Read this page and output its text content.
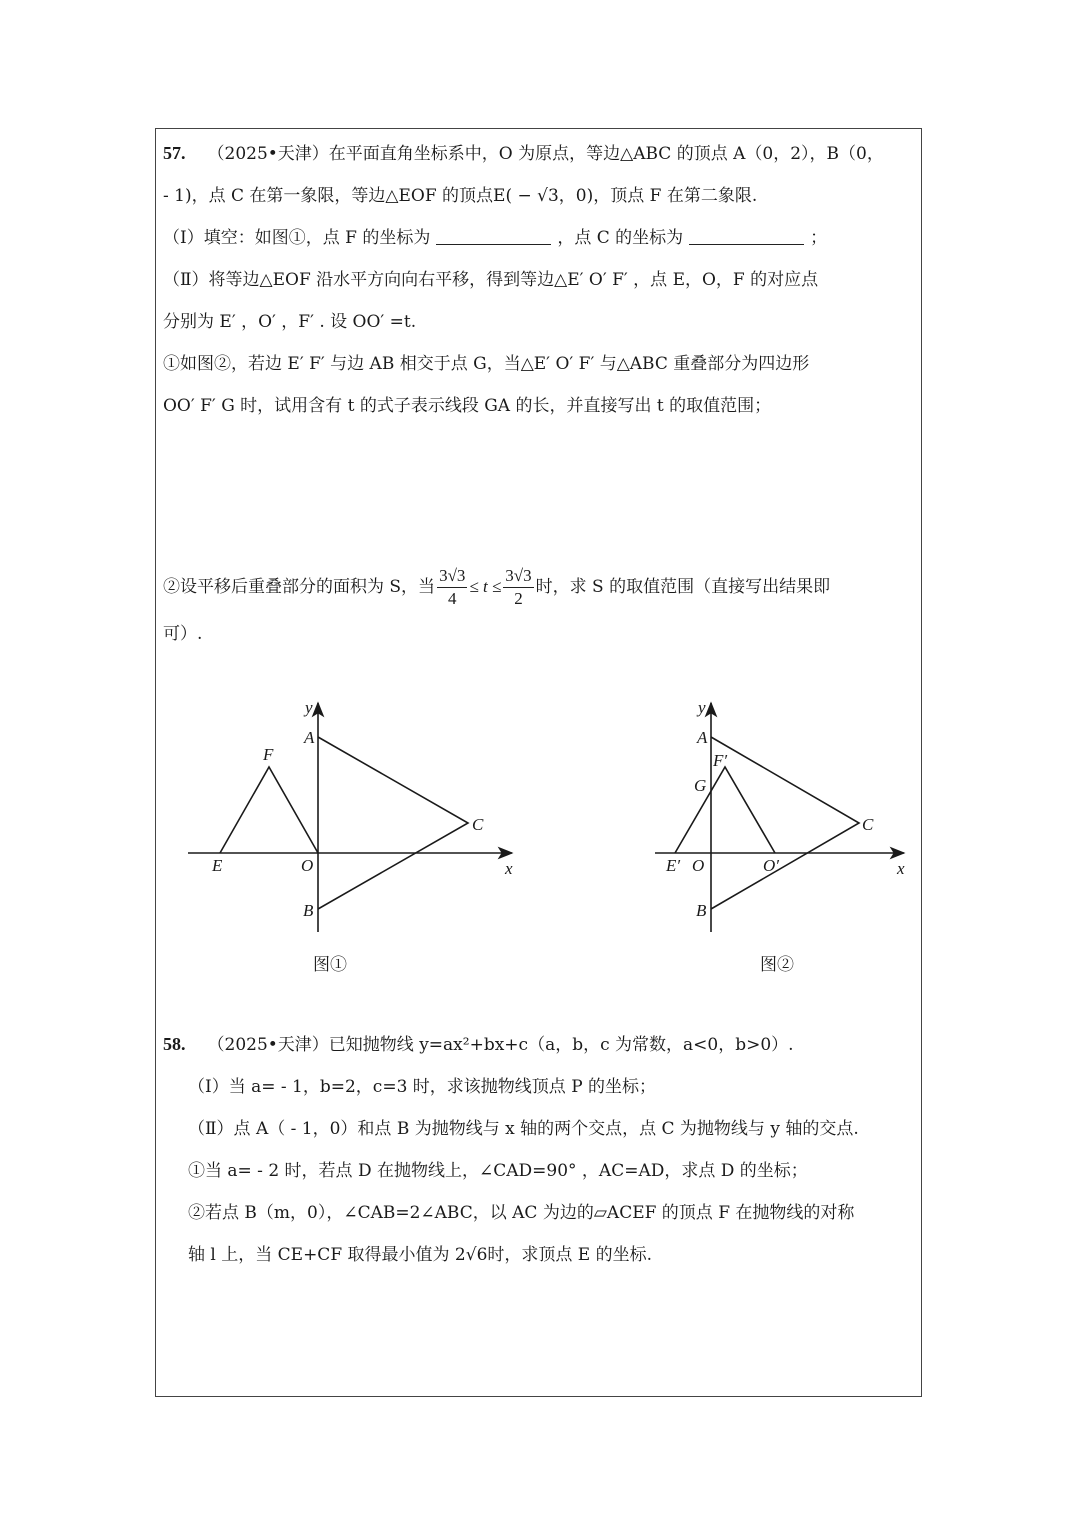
57. （2025•天津）在平面直角坐标系中，O 为原点，等边△ABC 的顶点 A（0，2），B（0，
- 1)，点 C 在第一象限，等边△EOF 的顶点E( − √3，0)，顶点 F 在第二象限.
（Ⅰ）填空：如图①，点 F 的坐标为	，点 C 的坐标为	；
（Ⅱ）将等边△EOF 沿水平方向向右平移，得到等边△E′ O′ F′ ，点 E，O，F 的对应点
分别为 E′ ，O′ ，F′ . 设 OO′ =t.
①如图②，若边 E′ F′ 与边 AB 相交于点 G，当△E′ O′ F′ 与△ABC 重叠部分为四边形
OO′ F′ G 时，试用含有 t 的式子表示线段 GA 的长，并直接写出 t 的取值范围；
②设平移后重叠部分的面积为 S，当 $\frac{3√3}{4} \le t \le \frac{3√3}{2}$ 时，求 S 的取值范围（直接写出结果即
可）.
y
x
A
B
C
E
F
O
图①
y
x
A
B
C
E′
F′
O	O′
G
图②
58. （2025•天津）已知抛物线 y=ax²+bx+c（a，b，c 为常数，a<0，b>0）.
（Ⅰ）当 a= - 1，b=2，c=3 时，求该抛物线顶点 P 的坐标；
（Ⅱ）点 A（ - 1，0）和点 B 为抛物线与 x 轴的两个交点，点 C 为抛物线与 y 轴的交点.
①当 a= - 2 时，若点 D 在抛物线上，∠CAD=90° ，AC=AD，求点 D 的坐标；
②若点 B（m，0），∠CAB=2∠ABC，以 AC 为边的▱ACEF 的顶点 F 在抛物线的对称
轴 l 上，当 CE+CF 取得最小值为 2√6时，求顶点 E 的坐标.
